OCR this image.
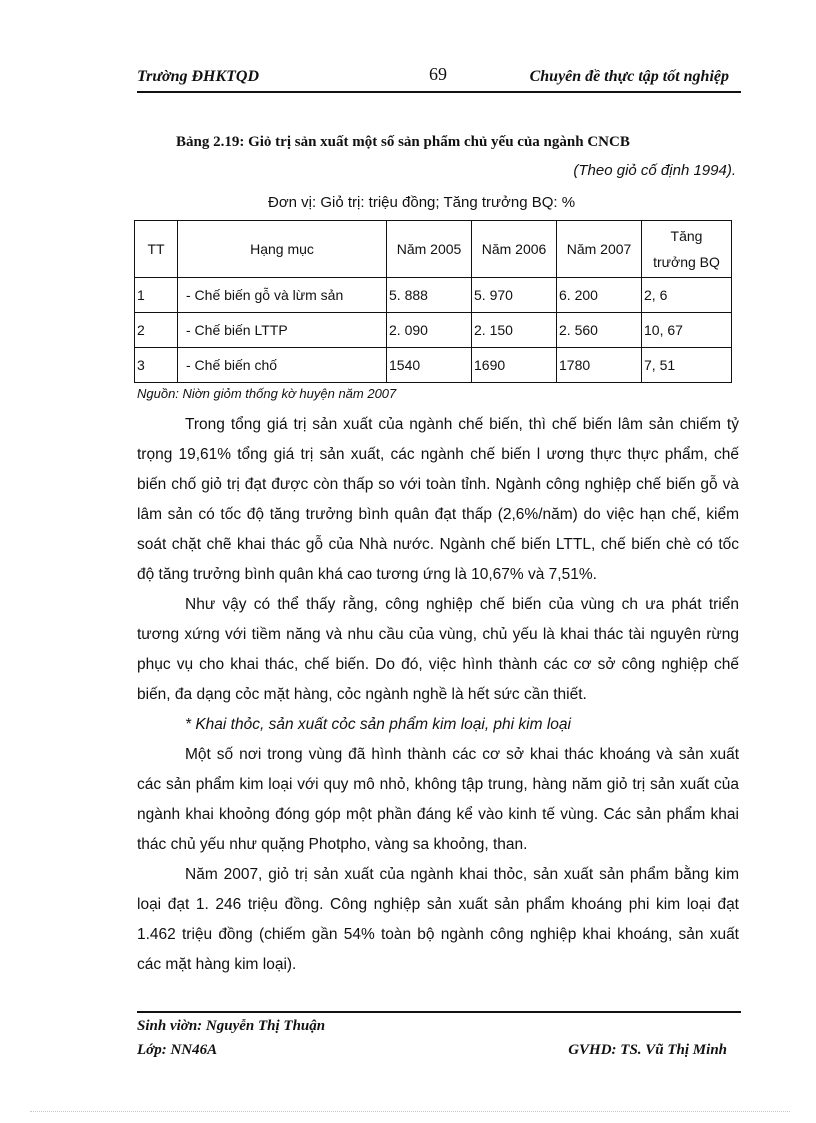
Trường ĐHKTQD	69	Chuyên đề thực tập tốt nghiệp
Bảng 2.19: Giỏ trị sản xuất một số sản phẩm chủ yếu của ngành CNCB
(Theo giỏ cố định 1994).
Đơn vị: Giỏ trị: triệu đồng; Tăng trưởng BQ: %
TT	Hạng mục	Năm 2005	Năm 2006	Năm 2007	Tăng
trưởng BQ
1	- Chế biến gỗ và lừm sản	5. 888	5. 970	6. 200	2, 6
2	- Chế biến LTTP	2. 090	2. 150	2. 560	10, 67
3	- Chế biến chố	1540	1690	1780	7, 51
Nguồn: Niờn giỏm thống kờ huyện năm 2007

Trong tổng giá trị sản xuất của ngành chế biến, thì chế biến lâm sản chiếm tỷ trọng 19,61% tổng giá trị sản xuất, các ngành chế biến l ương thực thực phẩm, chế biến chố giỏ trị đạt được còn thấp so với toàn tỉnh. Ngành công nghiệp chế biến gỗ và lâm sản có tốc độ tăng trưởng bình quân đạt thấp (2,6%/năm) do việc hạn chế, kiểm soát chặt chẽ khai thác gỗ của Nhà nước. Ngành chế biến LTTL, chế biến chè có tốc độ tăng trưởng bình quân khá cao tương ứng là 10,67% và 7,51%.

Như vậy có thể thấy rằng, công nghiệp chế biến của vùng ch ưa phát triển tương xứng với tiềm năng và nhu cầu của vùng, chủ yếu là khai thác tài nguyên rừng phục vụ cho khai thác, chế biến. Do đó, việc hình thành các cơ sở công nghiệp chế biến, đa dạng cỏc mặt hàng, cỏc ngành nghề là hết sức cần thiết.

* Khai thỏc, sản xuất cỏc sản phẩm kim loại, phi kim loại

Một số nơi trong vùng đã hình thành các cơ sở khai thác khoáng và sản xuất các sản phẩm kim loại với quy mô nhỏ, không tập trung, hàng năm giỏ trị sản xuất của ngành khai khoỏng đóng góp một phần đáng kể vào kinh tế vùng. Các sản phẩm khai thác chủ yếu như quặng Photpho, vàng sa khoỏng, than.

Năm 2007, giỏ trị sản xuất của ngành khai thỏc, sản xuất sản phẩm bằng kim loại đạt 1. 246 triệu đồng. Công nghiệp sản xuất sản phẩm khoáng phi kim loại đạt 1.462 triệu đồng (chiếm gần 54% toàn bộ ngành công nghiệp khai khoáng, sản xuất các mặt hàng kim loại).

Sinh viờn: Nguyễn Thị Thuận
Lớp: NN46A	GVHD: TS. Vũ Thị Minh
